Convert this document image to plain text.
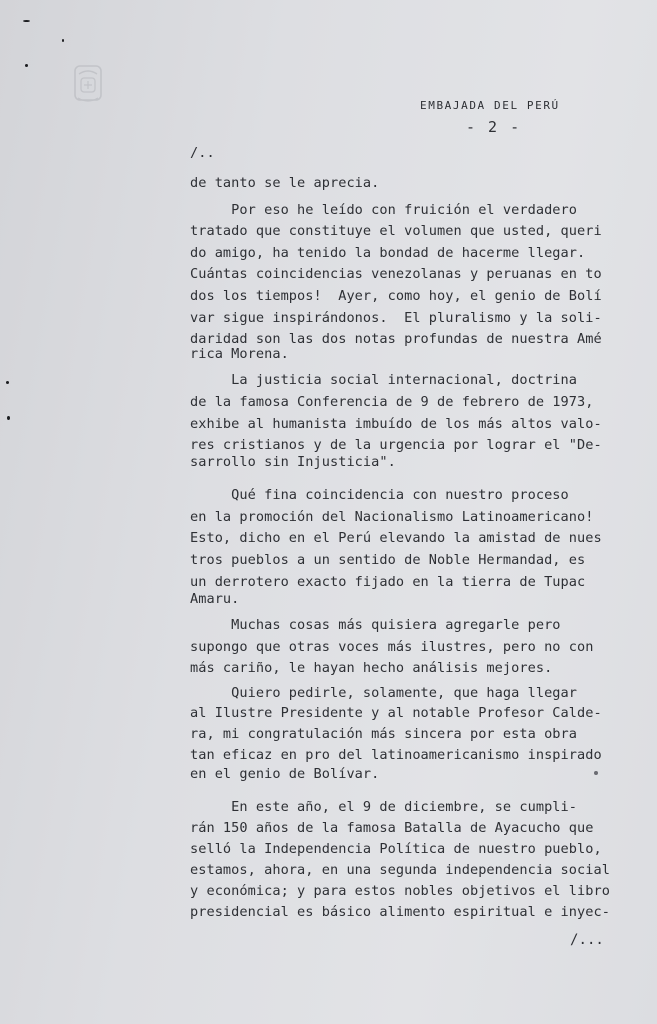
EMBAJADA DEL PERÚ

- 2 -

/..

de tanto se le aprecia.

Por eso he leído con fruición el verdadero

tratado que constituye el volumen que usted, queri

do amigo, ha tenido la bondad de hacerme llegar.

Cuántas coincidencias venezolanas y peruanas en to

dos los tiempos!  Ayer, como hoy, el genio de Bolí

var sigue inspirándonos.  El pluralismo y la soli-

daridad son las dos notas profundas de nuestra Amé

rica Morena.

La justicia social internacional, doctrina

de la famosa Conferencia de 9 de febrero de 1973,

exhibe al humanista imbuído de los más altos valo-

res cristianos y de la urgencia por lograr el "De-

sarrollo sin Injusticia".

Qué fina coincidencia con nuestro proceso

en la promoción del Nacionalismo Latinoamericano!

Esto, dicho en el Perú elevando la amistad de nues

tros pueblos a un sentido de Noble Hermandad, es

un derrotero exacto fijado en la tierra de Tupac

Amaru.

Muchas cosas más quisiera agregarle pero

supongo que otras voces más ilustres, pero no con

más cariño, le hayan hecho análisis mejores.

Quiero pedirle, solamente, que haga llegar

al Ilustre Presidente y al notable Profesor Calde-

ra, mi congratulación más sincera por esta obra

tan eficaz en pro del latinoamericanismo inspirado

en el genio de Bolívar.

En este año, el 9 de diciembre, se cumpli-

rán 150 años de la famosa Batalla de Ayacucho que

selló la Independencia Política de nuestro pueblo,

estamos, ahora, en una segunda independencia social

y económica; y para estos nobles objetivos el libro

presidencial es básico alimento espiritual e inyec-

/...
